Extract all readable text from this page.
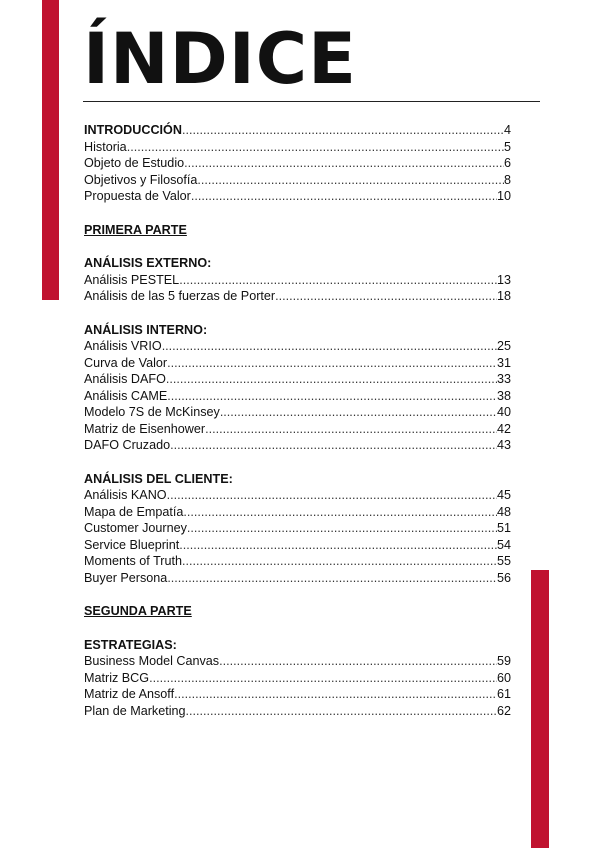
ÍNDICE
INTRODUCCIÓN .....	4
Historia .....	5
Objeto de Estudio .....	6
Objetivos y Filosofía .....	8
Propuesta de Valor .....	10
PRIMERA PARTE
ANÁLISIS EXTERNO:
Análisis PESTEL .....	13
Análisis de las 5 fuerzas de Porter .....	18
ANÁLISIS INTERNO:
Análisis VRIO .....	25
Curva de Valor .....	31
Análisis DAFO .....	33
Análisis CAME .....	38
Modelo 7S de McKinsey .....	40
Matriz de Eisenhower .....	42
DAFO Cruzado .....	43
ANÁLISIS DEL CLIENTE:
Análisis KANO .....	45
Mapa de Empatía .....	48
Customer Journey .....	51
Service Blueprint .....	54
Moments of Truth .....	55
Buyer Persona .....	56
SEGUNDA PARTE
ESTRATEGIAS:
Business Model Canvas .....	59
Matriz BCG .....	60
Matriz de Ansoff .....	61
Plan de Marketing .....	62
